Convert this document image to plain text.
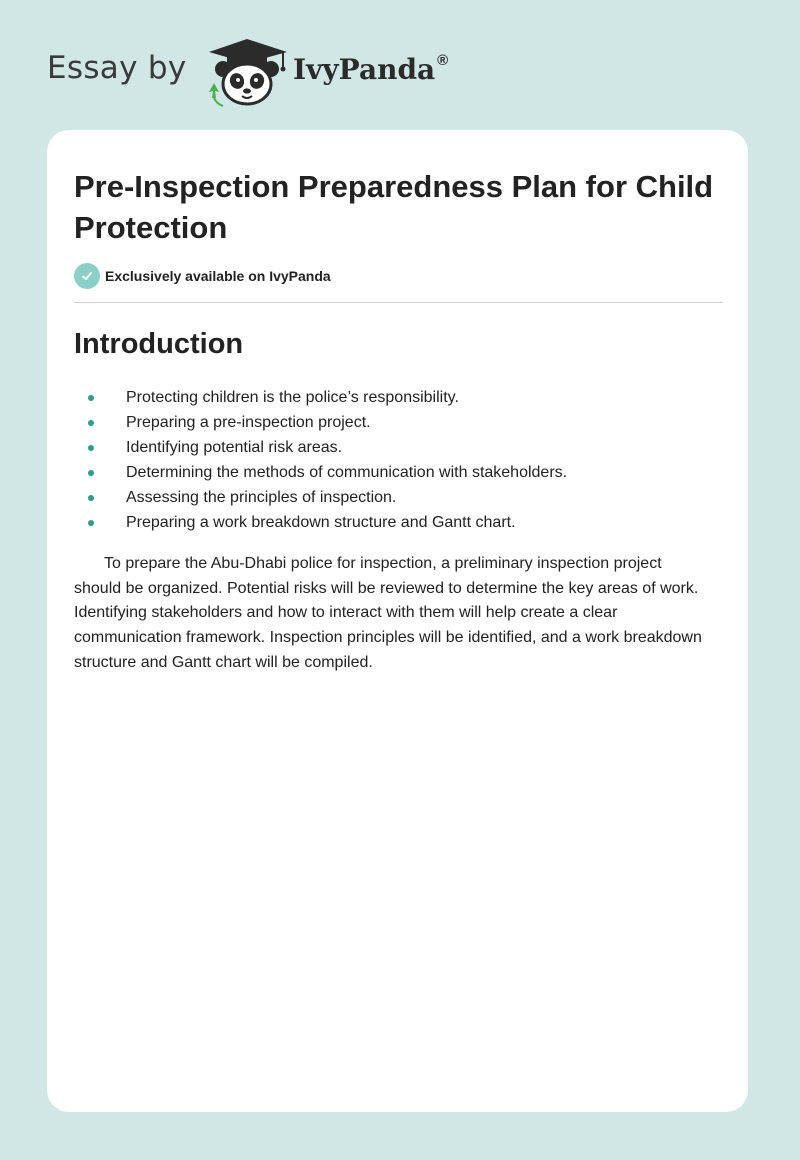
Essay by	IvyPanda ®
Pre-Inspection Preparedness Plan for Child Protection
Exclusively available on IvyPanda
Introduction
Protecting children is the police’s responsibility.
Preparing a pre-inspection project.
Identifying potential risk areas.
Determining the methods of communication with stakeholders.
Assessing the principles of inspection.
Preparing a work breakdown structure and Gantt chart.

To prepare the Abu-Dhabi police for inspection, a preliminary inspection project should be organized. Potential risks will be reviewed to determine the key areas of work. Identifying stakeholders and how to interact with them will help create a clear communication framework. Inspection principles will be identified, and a work breakdown structure and Gantt chart will be compiled.
